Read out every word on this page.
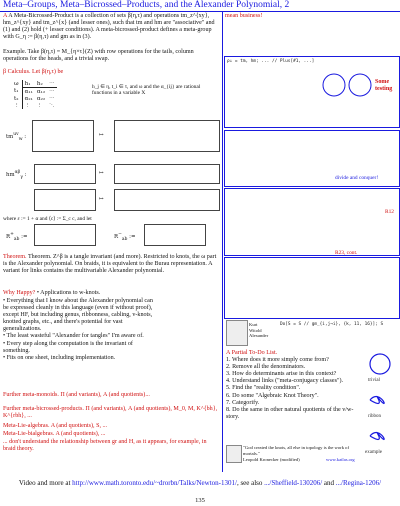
Meta–Groups, Meta–Bicrossed–Products, and the Alexander Polynomial, 2
A A Meta-Bicrossed-Product is a collection of sets β(η,τ) and operations tm_z^{xy}, hm_z^{xy} and tm_z^{x} (and lesser ones), such that tm and hm are "associative" and (1) and (2) hold (+ lesser conditions). A meta-bicrossed-product defines a meta-group with G_η := β(η,τ) and gm as in (3).
Example. Take β(η,τ) = M_{η×τ}(Z) with row operations for the tails, column operations for the heads, and a trivial swap.
β Calculus. Let β(η,τ) be
ω	h₁	h₂	⋯
t₁	α₁₁	α₁₂	⋯
t₂	α₂₁	α₂₂	⋯
⋮	⋮	⋮	⋱
h_j ∈ η, t_i ∈ τ, and ω and the α_{ij} are rational functions in a variable X
$tm^{uv}_w$ :	↦
$hm^{\alpha\beta}_\gamma$ :	↦
↦
where ε := 1 + α and ⟨c⟩ := Σ_c c, and let
$R^+_{ab}$ :=	$R^-_{ab}$ :=
Theorem. Theorem. Z^β is a tangle invariant (and more). Restricted to knots, the ω part is the Alexander polynomial. On braids, it is equivalent to the Burau representation. A variant for links contains the multivariable Alexander polynomial.
Why Happy? • Applications to w-knots.
• Everything that I know about the Alexander polynomial can be expressed cleanly in this language (even if without proof), except HF, but including genus, ribbonness, cabling, v-knots, knotted graphs, etc., and there's potential for vast generalizations.
• The least wasteful "Alexander for tangles" I'm aware of.
• Every step along the computation is the invariant of something.
• Fits on one sheet, including implementation.
Further meta-monoids. Π (and variants), A (and quotients)...
Further meta-bicrossed-products. Π (and variants), A (and quotients), M_0, M, K^{bh}, K^{rbh}, ...
Meta-Lie-algebras. A (and quotients), S, ...
Meta-Lie-bialgebras. A (and quotients), ...
... don't understand the relationship between gr and H, as it appears, for example, in braid theory.
mean business!
ρ↓ = tm, hm; ... // Plus[#1, ...]
Some testing
divide and conquer!
R12
R23, cont.
Kurt
Witold
Alexander
Do[S = S // gm_{i,j→i}, {k, 11, 16}]; S
A Partial To-Do List.
1. Where does it more simply come from?
2. Remove all the denominators.
3. How do determinants arise in this context?
4. Understand links ("meta-conjugacy classes").
5. Find the "reality condition".
6. Do some "Algebraic Knot Theory".
7. Categorify.
8. Do the same in other natural quotients of the v/w-story.
trivial
ribbon
example
"God created the knots, all else in topology is the work of mortals."
Leopold Kronecker (modified)	www.katlas.org
Video and more at http://www.math.toronto.edu/~drorbn/Talks/Newton-1301/, see also .../Sheffield-130206/ and .../Regina-1206/
135
